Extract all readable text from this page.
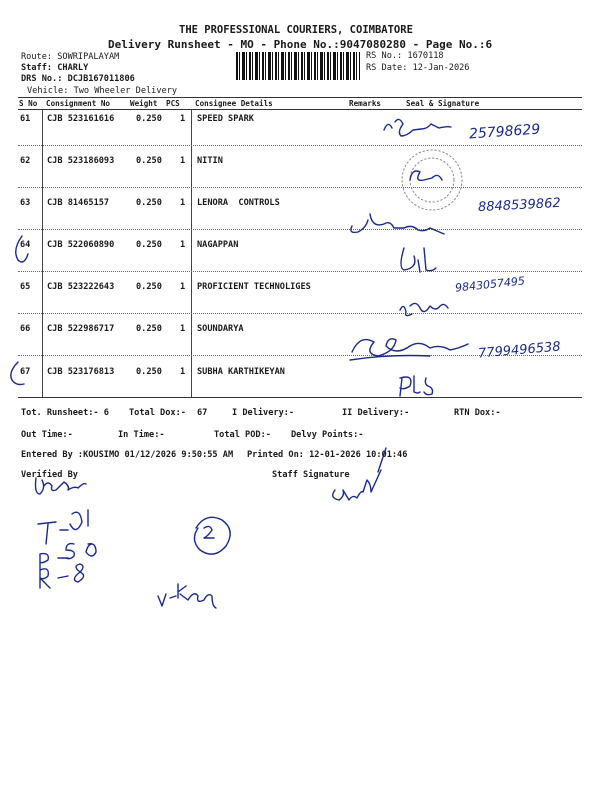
THE PROFESSIONAL COURIERS, COIMBATORE
Delivery Runsheet - MO - Phone No.:9047080280 - Page No.:6
RS No.: 1670118
RS Date: 12-Jan-2026
Route: SOWRIPALAYAM
Staff: CHARLY
DRS No.: DCJB167011806
Vehicle: Two Wheeler Delivery
S No Consignment No	Weight PCS Consignee Details	Remarks	Seal & Signature
61 CJB 523161616	0.250 1 SPEED SPARK
62 CJB 523186093	0.250 1 NITIN
63 CJB 81465157	0.250 1 LENORA  CONTROLS
64 CJB 522060890	0.250 1 NAGAPPAN
65 CJB 523222643	0.250 1 PROFICIENT TECHNOLIGES
66 CJB 522986717	0.250 1 SOUNDARYA
67 CJB 523176813	0.250 1 SUBHA KARTHIKEYAN
Tot. Runsheet:- 6 Total Dox:- 67	I Delivery:-	II Delivery:-	RTN Dox:-
Out Time:-	In Time:-	Total POD:- Delvy Points:-
Entered By :KOUSIMO 01/12/2026 9:50:55 AM Printed On: 12-01-2026 10:01:46
Verified By	Staff Signature
25798629
8848539862
9843057495
7799496538
